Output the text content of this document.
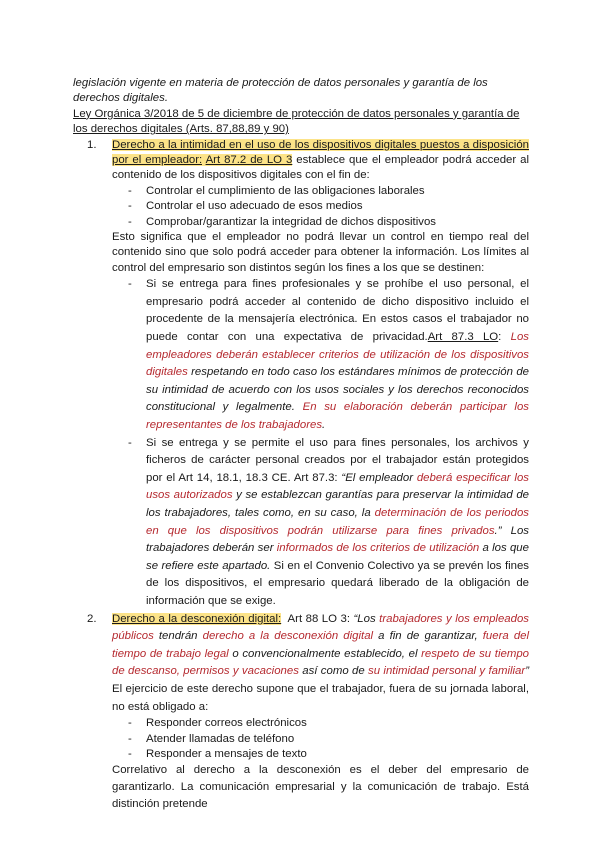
legislación vigente en materia de protección de datos personales y garantía de los derechos digitales.

Ley Orgánica 3/2018 de 5 de diciembre de protección de datos personales y garantía de los derechos digitales (Arts. 87,88,89 y 90)

1. Derecho a la intimidad en el uso de los dispositivos digitales puestos a disposición por el empleador: Art 87.2 de LO 3 establece que el empleador podrá acceder al contenido de los dispositivos digitales con el fin de:
- Controlar el cumplimiento de las obligaciones laborales
- Controlar el uso adecuado de esos medios
- Comprobar/garantizar la integridad de dichos dispositivos

Esto significa que el empleador no podrá llevar un control en tiempo real del contenido sino que solo podrá acceder para obtener la información. Los límites al control del empresario son distintos según los fines a los que se destinen:

- Si se entrega para fines profesionales y se prohíbe el uso personal, el empresario podrá acceder al contenido de dicho dispositivo incluido el procedente de la mensajería electrónica. En estos casos el trabajador no puede contar con una expectativa de privacidad.Art 87.3 LO: Los empleadores deberán establecer criterios de utilización de los dispositivos digitales respetando en todo caso los estándares mínimos de protección de su intimidad de acuerdo con los usos sociales y los derechos reconocidos constitucional y legalmente. En su elaboración deberán participar los representantes de los trabajadores.
- Si se entrega y se permite el uso para fines personales, los archivos y ficheros de carácter personal creados por el trabajador están protegidos por el Art 14, 18.1, 18.3 CE. Art 87.3: “El empleador deberá especificar los usos autorizados y se establezcan garantías para preservar la intimidad de los trabajadores, tales como, en su caso, la determinación de los periodos en que los dispositivos podrán utilizarse para fines privados.” Los trabajadores deberán ser informados de los criterios de utilización a los que se refiere este apartado. Si en el Convenio Colectivo ya se prevén los fines de los dispositivos, el empresario quedará liberado de la obligación de información que se exige.
2. Derecho a la desconexión digital:  Art 88 LO 3: “Los trabajadores y los empleados públicos tendrán derecho a la desconexión digital a fin de garantizar, fuera del tiempo de trabajo legal o convencionalmente establecido, el respeto de su tiempo de descanso, permisos y vacaciones así como de su intimidad personal y familiar” El ejercicio de este derecho supone que el trabajador, fuera de su jornada laboral, no está obligado a:
- Responder correos electrónicos
- Atender llamadas de teléfono
- Responder a mensajes de texto

Correlativo al derecho a la desconexión es el deber del empresario de garantizarlo. La comunicación empresarial y la comunicación de trabajo. Está distinción pretende
